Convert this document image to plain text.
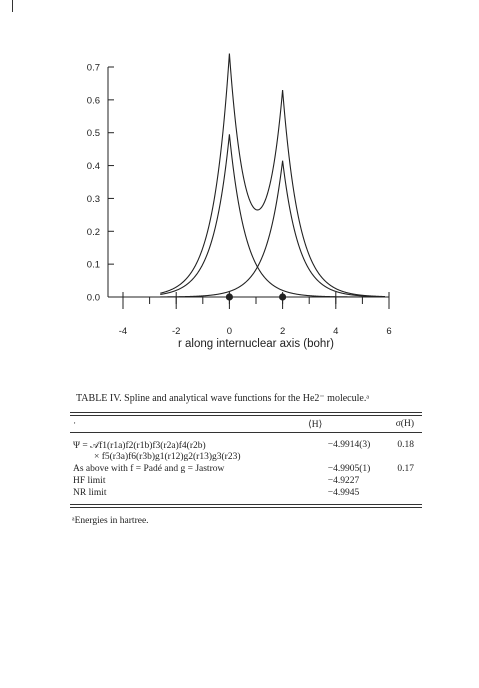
0.0
0.1
0.2
0.3
0.4
0.5
0.6
0.7
-4	-2	0	2	4	6
r along internuclear axis (bohr)

TABLE IV. Spline and analytical wave functions for the He2⁻ molecule.ᵃ

·	⟨H⟩	σ(H)

Ψ = 𝒜f1(r1a)f2(r1b)f3(r2a)f4(r2b)	−4.9914(3)	0.18
× f5(r3a)f6(r3b)g1(r12)g2(r13)g3(r23)		
As above with f = Padé and g = Jastrow	−4.9905(1)	0.17
HF limit	−4.9227	
NR limit	−4.9945	

ᵃEnergies in hartree.
